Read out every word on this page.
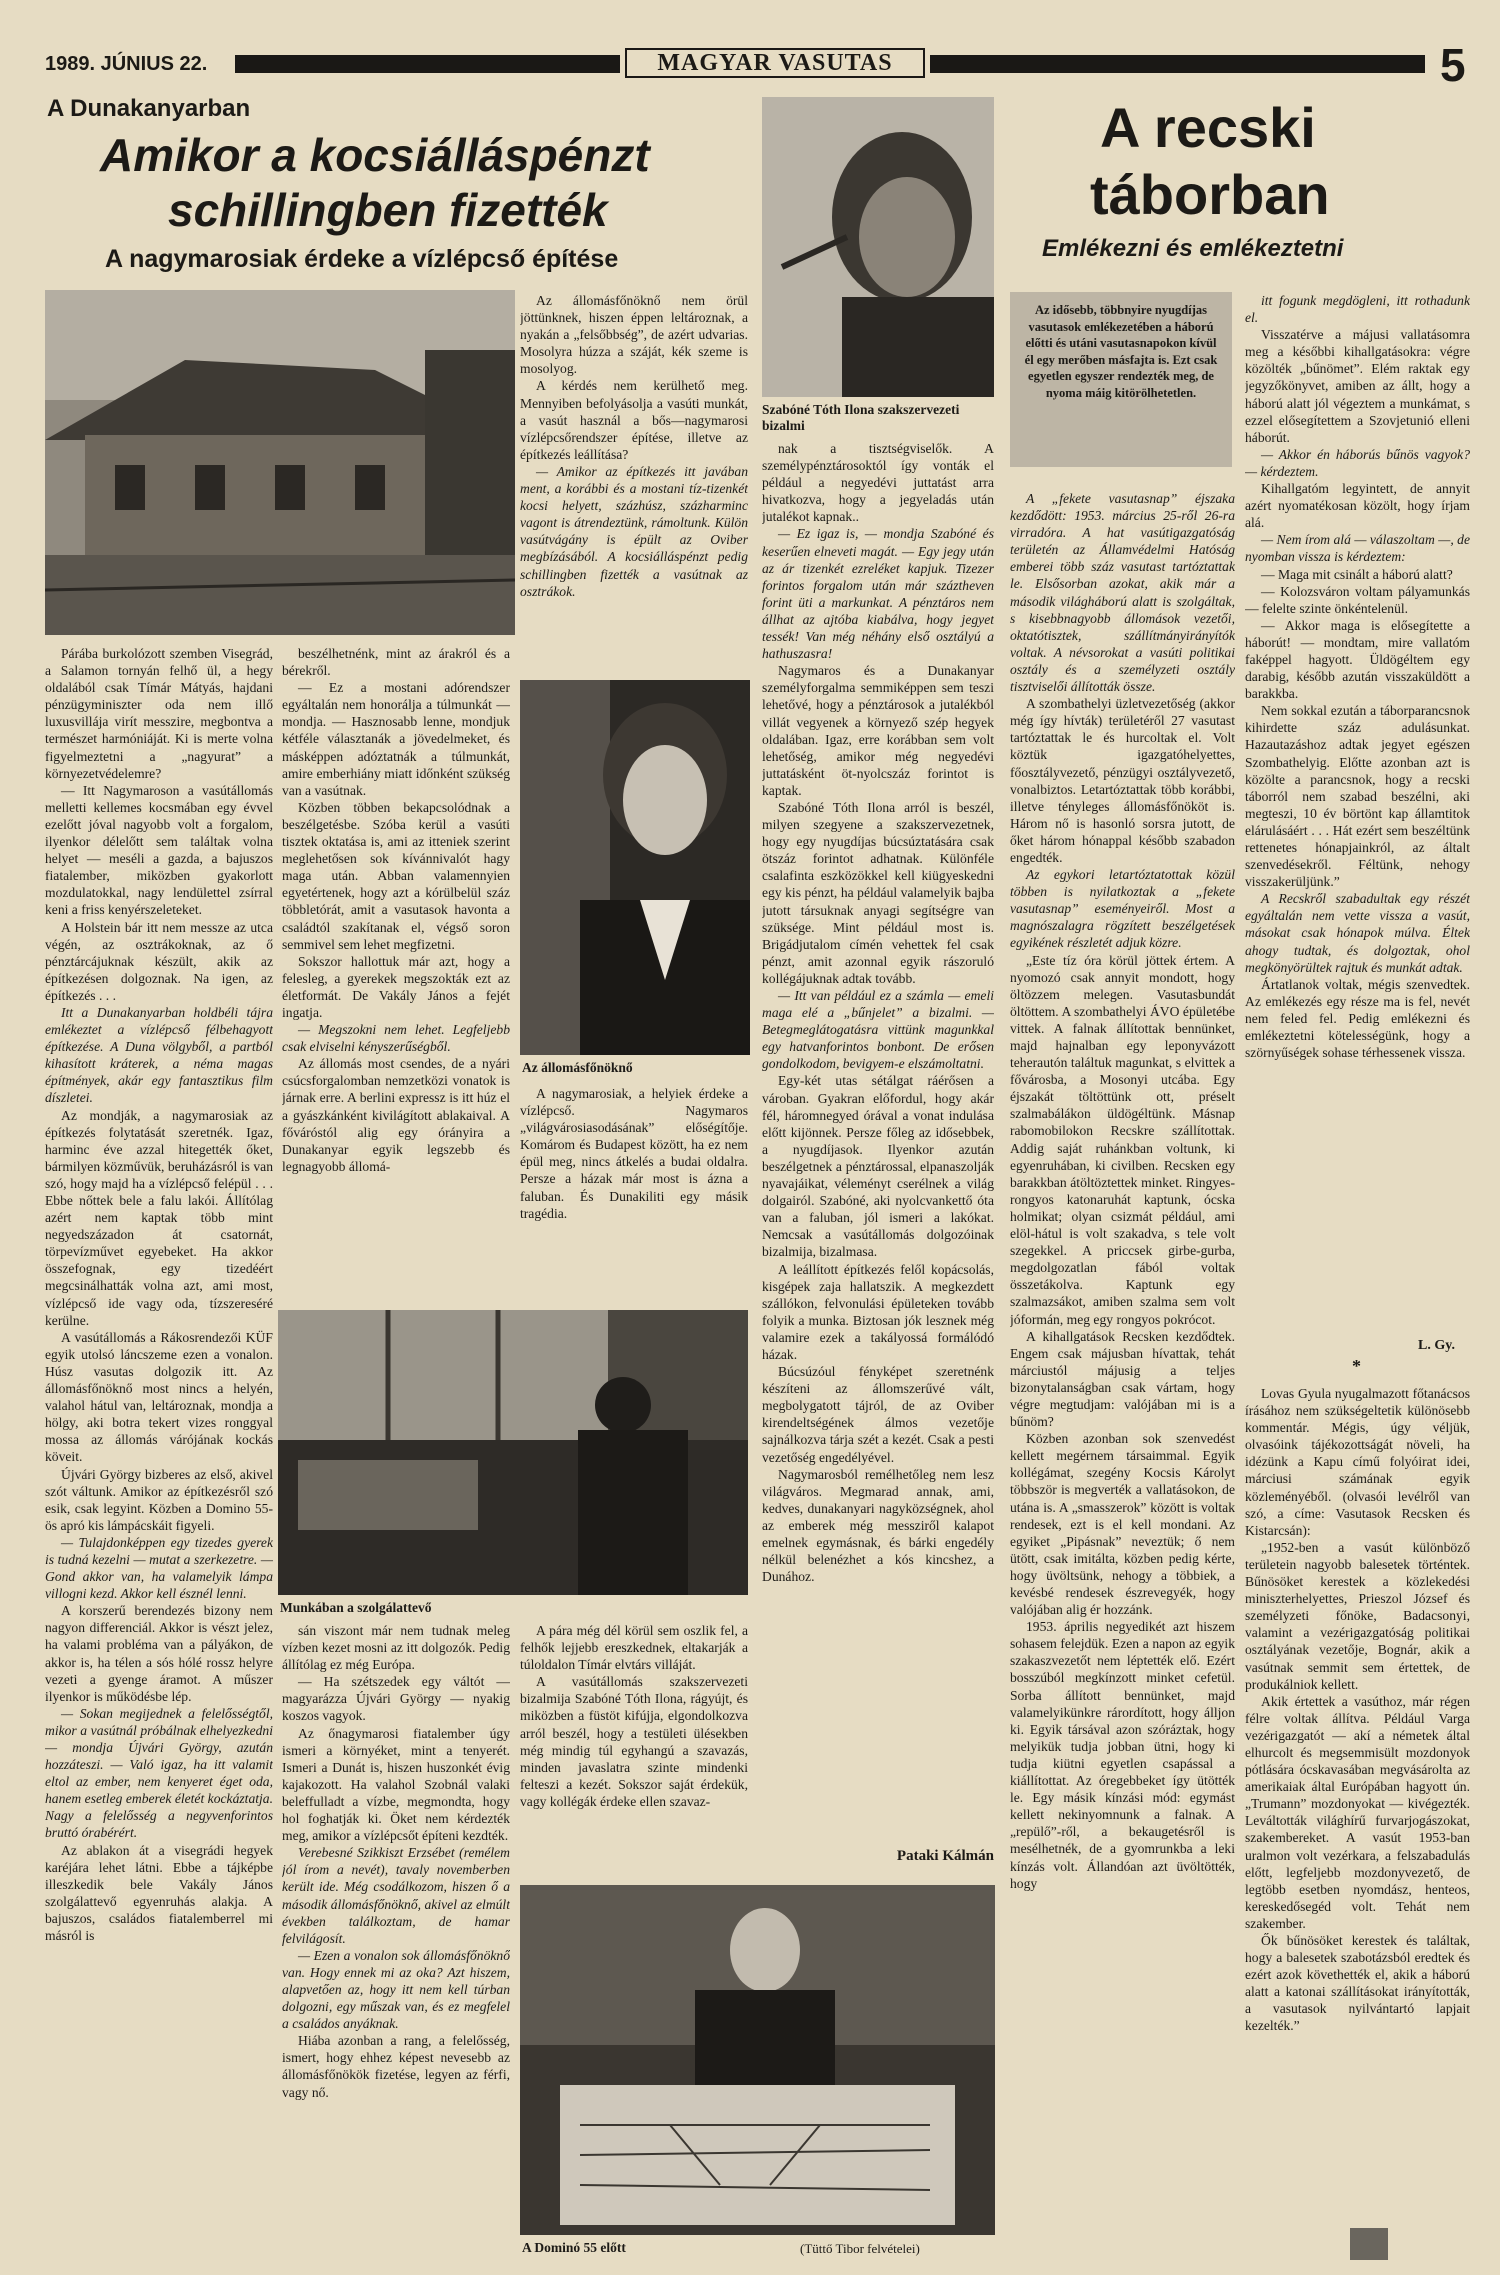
1989. JÚNIUS 22.	MAGYAR VASUTAS	5
A Dunakanyarban
Amikor a kocsiálláspénzt
schillingben fizették
A nagymarosiak érdeke a vízlépcső építése

Párába burkolózott szemben Visegrád, a Salamon tornyán felhő ül, a hegy oldalából csak Tímár Mátyás, hajdani pénzügyminiszter oda nem illő luxusvillája virít messzire, megbontva a természet harmóniáját. Ki is merte volna figyelmeztetni a „nagyurat” a környezetvédelemre?

— Itt Nagymaroson a vasútállomás melletti kellemes kocsmában egy évvel ezelőtt jóval nagyobb volt a forgalom, ilyenkor délelőtt sem találtak volna helyet — meséli a gazda, a bajuszos fiatalember, miközben gyakorlott mozdulatokkal, nagy lendülettel zsírral keni a friss kenyérszeleteket.

A Holstein bár itt nem messze az utca végén, az osztrákoknak, az ő pénztárcájuknak készült, akik az építkezésen dolgoznak. Na igen, az építkezés . . .

Itt a Dunakanyarban holdbéli tájra emlékeztet a vízlépcső félbehagyott építkezése. A Duna völgyből, a partból kihasított kráterek, a néma magas építmények, akár egy fantasztikus film díszletei.

Az mondják, a nagymarosiak az építkezés folytatását szeretnék. Igaz, harminc éve azzal hitegették őket, bármilyen közművük, beruházásról is van szó, hogy majd ha a vízlépcső felépül . . . Ebbe nőttek bele a falu lakói. Állítólag azért nem kaptak több mint negyedszázadon át csatornát, törpevízművet egyebeket. Ha akkor összefognak, egy tizedéért megcsinálhatták volna azt, ami most, vízlépcső ide vagy oda, tízszereséré kerülne.

A vasútállomás a Rákosrendezői KÜF egyik utolsó láncszeme ezen a vonalon. Húsz vasutas dolgozik itt. Az állomásfőnöknő most nincs a helyén, valahol hátul van, leltároznak, mondja a hölgy, aki botra tekert vizes ronggyal mossa az állomás várójának kockás köveit.

Újvári György bizberes az első, akivel szót váltunk. Amikor az építkezésről szó esik, csak legyint. Közben a Domino 55-ös apró kis lámpácskáit figyeli.

— Tulajdonképpen egy tizedes gyerek is tudná kezelni — mutat a szerkezetre. — Gond akkor van, ha valamelyik lámpa villogni kezd. Akkor kell észnél lenni.

A korszerű berendezés bizony nem nagyon differenciál. Akkor is vészt jelez, ha valami probléma van a pályákon, de akkor is, ha télen a sós hólé rossz helyre vezeti a gyenge áramot. A műszer ilyenkor is működésbe lép.

— Sokan megijednek a felelősségtől, mikor a vasútnál próbálnak elhelyezkedni — mondja Újvári György, azután hozzáteszi. — Való igaz, ha itt valamit eltol az ember, nem kenyeret éget oda, hanem esetleg emberek életét kockáztatja. Nagy a felelősség a negyvenforintos bruttó órabérért.

Az ablakon át a visegrádi hegyek karéjára lehet látni. Ebbe a tájképbe illeszkedik bele Vakály János szolgálattevő egyenruhás alakja. A bajuszos, családos fiatalemberrel mi másról is

beszélhetnénk, mint az árakról és a bérekről.

— Ez a mostani adórendszer egyáltalán nem honorálja a túlmunkát — mondja. — Hasznosabb lenne, mondjuk kétféle választanák a jövedelmeket, és másképpen adóztatnák a túlmunkát, amire emberhiány miatt időnként szükség van a vasútnak.

Közben többen bekapcsolódnak a beszélgetésbe. Szóba kerül a vasúti tisztek oktatása is, ami az itteniek szerint meglehetősen sok kívánnivalót hagy maga után. Abban valamennyien egyetértenek, hogy azt a kórülbelül száz többletórát, amit a vasutasok havonta a családtól szakítanak el, végső soron semmivel sem lehet megfizetni.

Sokszor hallottuk már azt, hogy a felesleg, a gyerekek megszokták ezt az életformát. De Vakály János a fejét ingatja.

— Megszokni nem lehet. Legfeljebb csak elviselni kényszerűségből.

Az állomás most csendes, de a nyári csúcsforgalomban nemzetközi vonatok is járnak erre. A berlini expressz is itt húz el a gyászkánként kivilágított ablakaival. A főváróstól alig egy órányira a Dunakanyar egyik legszebb és legnagyobb állomá-

Munkában a szolgálattevő

sán viszont már nem tudnak meleg vízben kezet mosni az itt dolgozók. Pedig állítólag ez még Európa.

— Ha szétszedek egy váltót — magyarázza Újvári György — nyakig koszos vagyok.

Az őnagymarosi fiatalember úgy ismeri a környéket, mint a tenyerét. Ismeri a Dunát is, hiszen huszonkét évig kajakozott. Ha valahol Szobnál valaki beleffulladt a vízbe, megmondta, hogy hol foghatják ki. Öket nem kérdezték meg, amikor a vízlépcsőt építeni kezdték.

Verebesné Szikkiszt Erzsébet (remélem jól írom a nevét), tavaly novemberben került ide. Még csodálkozom, hiszen ő a második állomásfőnöknő, akivel az elmúlt években találkoztam, de hamar felvilágosít.

— Ezen a vonalon sok állomásfőnöknő van. Hogy ennek mi az oka? Azt hiszem, alapvetően az, hogy itt nem kell túrban dolgozni, egy műszak van, és ez megfelel a családos anyáknak.

Hiába azonban a rang, a felelősség, ismert, hogy ehhez képest nevesebb az állomásfőnökök fizetése, legyen az férfi, vagy nő.

Az állomásfőnöknő nem örül jöttünknek, hiszen éppen leltároznak, a nyakán a „felsőbbség”, de azért udvarias. Mosolyra húzza a száját, kék szeme is mosolyog.

A kérdés nem kerülhető meg. Mennyiben befolyásolja a vasúti munkát, a vasút használ a bős—nagymarosi vízlépcsőrendszer építése, illetve az építkezés leállítása?

— Amikor az építkezés itt javában ment, a korábbi és a mostani tíz-tizenkét kocsi helyett, százhúsz, százharminc vagont is átrendeztünk, rámoltunk. Külön vasútvágány is épült az Oviber megbízásából. A kocsiálláspénzt pedig schillingben fizették a vasútnak az osztrákok.

Szabóné Tóth Ilona szakszervezeti bizalmi
Az állomásfőnöknő

A nagymarosiak, a helyiek érdeke a vízlépcső. Nagymaros „világvárosiasodásának” előségítője. Komárom és Budapest között, ha ez nem épül meg, nincs átkelés a budai oldalra. Persze a házak már most is ázna a faluban. És Dunakiliti egy másik tragédia.

A pára még dél körül sem oszlik fel, a felhők lejjebb ereszkednek, eltakarják a túloldalon Tímár elvtárs villáját.

A vasútállomás szakszervezeti bizalmija Szabóné Tóth Ilona, rágyújt, és miközben a füstöt kifújja, elgondolkozva arról beszél, hogy a testületi ülésekben még mindig túl egyhangú a szavazás, minden javaslatra szinte mindenki felteszi a kezét. Sokszor saját érdekük, vagy kollégák érdeke ellen szavaz-

nak a tisztségviselők. A személypénztárosoktól így vonták el például a negyedévi juttatást arra hivatkozva, hogy a jegyeladás után jutalékot kapnak..

— Ez igaz is, — mondja Szabóné és keserűen elneveti magát. — Egy jegy után az ár tizenkét ezreléket kapjuk. Tizezer forintos forgalom után már száztheven forint üti a markunkat. A pénztáros nem állhat az ajtóba kiabálva, hogy jegyet tessék! Van még néhány első osztályú a hathuszasra!

Nagymaros és a Dunakanyar személyforgalma semmiképpen sem teszi lehetővé, hogy a pénztárosok a jutalékból villát vegyenek a környező szép hegyek oldalában. Igaz, erre korábban sem volt lehetőség, amikor még negyedévi juttatásként öt-nyolcszáz forintot is kaptak.

Szabóné Tóth Ilona arról is beszél, milyen szegyene a szakszervezetnek, hogy egy nyugdíjas búcsúztatására csak ötszáz forintot adhatnak. Különféle csalafinta eszközökkel kell kiügyeskedni egy kis pénzt, ha például valamelyik bajba jutott társuknak anyagi segítségre van szüksége. Mint például most is. Brigádjutalom címén vehettek fel csak pénzt, amit azonnal egyik rászoruló kollégájuknak adtak tovább.

— Itt van például ez a számla — emeli maga elé a „bűnjelet” a bizalmi. — Betegmeglátogatásra vittünk magunkkal egy hatvanforintos bonbont. De erősen gondolkodom, bevigyem-e elszámoltatni.

Egy-két utas sétálgat ráérősen a vároban. Gyakran előfordul, hogy akár fél, háromnegyed órával a vonat indulása előtt kijönnek. Persze főleg az idősebbek, a nyugdíjasok. Ilyenkor azután beszélgetnek a pénztárossal, elpanaszolják nyavajáikat, véleményt cserélnek a világ dolgairól. Szabóné, aki nyolcvankettő óta van a faluban, jól ismeri a lakókat. Nemcsak a vasútállomás dolgozóinak bizalmija, bizalmasa.

A leállított építkezés felől kopácsolás, kisgépek zaja hallatszik. A megkezdett szállókon, felvonulási épületeken tovább folyik a munka. Biztosan jók lesznek még valamire ezek a takályossá formálódó házak.

Búcsúzóul fényképet szeretnénk készíteni az állomszerűvé vált, megbolygatott tájról, de az Oviber kirendeltségének álmos vezetője sajnálkozva tárja szét a kezét. Csak a pesti vezetőség engedélyével.

Nagymarosból remélhetőleg nem lesz világváros. Megmarad annak, ami, kedves, dunakanyari nagyközségnek, ahol az emberek még messziről kalapot emelnek egymásnak, és bárki engedély nélkül belenézhet a kós kincshez, a Dunához.

Pataki Kálmán
A Dominó 55 előtt	(Tüttő Tibor felvételei)
A recski
táborban
Emlékezni és emlékeztetni
Az idősebb, többnyire nyugdíjas vasutasok emlékezetében a háború előtti és utáni vasutasnapokon kívül él egy merőben másfajta is. Ezt csak egyetlen egyszer rendezték meg, de nyoma máig kitörölhetetlen.

A „fekete vasutasnap” éjszaka kezdődött: 1953. március 25-ről 26-ra virradóra. A hat vasútigazgatóság területén az Államvédelmi Hatóság emberei több száz vasutast tartóztattak le. Elsősorban azokat, akik már a második világháború alatt is szolgáltak, s kisebbnagyobb állomások vezetői, oktatótisztek, szállítmányirányítók voltak. A névsorokat a vasúti politikai osztály és a személyzeti osztály tisztviselői állították össze.

A szombathelyi üzletvezetőség (akkor még így hívták) területéről 27 vasutast tartóztattak le és hurcoltak el. Volt köztük igazgatóhelyettes, főosztályvezető, pénzügyi osztályvezető, vonalbiztos. Letartóztattak több korábbi, illetve tényleges állomásfőnököt is. Három nő is hasonló sorsra jutott, de őket három hónappal később szabadon engedték.

Az egykori letartóztatottak közül többen is nyilatkoztak a „fekete vasutasnap” eseményeiről. Most a magnószalagra rögzített beszélgetések egyikének részletét adjuk közre.

„Este tíz óra körül jöttek értem. A nyomozó csak annyit mondott, hogy öltözzem melegen. Vasutasbundát öltöttem. A szombathelyi ÁVO épületébe vittek. A falnak állítottak bennünket, majd hajnalban egy leponyvázott teherautón találtuk magunkat, s elvittek a fővárosba, a Mosonyi utcába. Egy éjszakát töltöttünk ott, préselt szalmabálákon üldögéltünk. Másnap rabomobilokon Recskre szállítottak. Addig saját ruhánkban voltunk, ki egyenruhában, ki civilben. Recsken egy barakkban átöltöztettek minket. Ringyes-rongyos katonaruhát kaptunk, ócska holmikat; olyan csizmát például, ami elöl-hátul is volt szakadva, s tele volt szegekkel. A priccsek girbe-gurba, megdolgozatlan fából voltak összetákolva. Kaptunk egy szalmazsákot, amiben szalma sem volt jóformán, meg egy rongyos pokrócot.

A kihallgatások Recsken kezdődtek. Engem csak májusban hívattak, tehát márciustól májusig a teljes bizonytalanságban csak vártam, hogy végre megtudjam: valójában mi is a bűnöm?

Közben azonban sok szenvedést kellett megérnem társaimmal. Egyik kollégámat, szegény Kocsis Károlyt többször is megverték a vallatásokon, de utána is. A „smasszerok” között is voltak rendesek, ezt is el kell mondani. Az egyiket „Pipásnak” neveztük; ő nem ütött, csak imitálta, közben pedig kérte, hogy üvöltsünk, nehogy a többiek, a kevésbé rendesek észrevegyék, hogy valójában alig ér hozzánk.

1953. április negyedikét azt hiszem sohasem felejdük. Ezen a napon az egyik szakaszvezetőt nem léptették elő. Ezért bosszúból megkínzott minket cefetül. Sorba állított bennünket, majd valamelyikünkre rárordított, hogy álljon ki. Egyik társával azon szóráztak, hogy melyikük tudja jobban ütni, hogy ki tudja kiütni egyetlen csapással a kiállítottat. Az óregebbeket így ütötték le. Egy másik kínzási mód: egymást kellett nekinyomnunk a falnak. A „repülő”-ről, a bekaugetésről is mesélhetnék, de a gyomrunkba a leki kínzás volt. Állandóan azt üvöltötték, hogy

itt fogunk megdögleni, itt rothadunk el.

Visszatérve a májusi vallatásomra meg a későbbi kihallgatásokra: végre közölték „bűnömet”. Elém raktak egy jegyzőkönyvet, amiben az állt, hogy a háború alatt jól végeztem a munkámat, s ezzel elősegítettem a Szovjetunió elleni háborút.

— Akkor én háborús bűnös vagyok? — kérdeztem.

Kihallgatóm legyintett, de annyit azért nyomatékosan közölt, hogy írjam alá.

— Nem írom alá — válaszoltam —, de nyomban vissza is kérdeztem:

— Maga mit csinált a háború alatt?

— Kolozsváron voltam pályamunkás — felelte szinte önkéntelenül.

— Akkor maga is elősegítette a háborút! — mondtam, mire vallatóm faképpel hagyott. Üldögéltem egy darabig, később azután visszaküldött a barakkba.

Nem sokkal ezután a táborparancsnok kihirdette száz adulásunkat. Hazautazáshoz adtak jegyet egészen Szombathelyig. Előtte azonban azt is közölte a parancsnok, hogy a recski táborról nem szabad beszélni, aki megteszi, 10 év börtönt kap államtitok elárulásáért . . . Hát ezért sem beszéltünk rettenetes hónapjainkról, az általt szenvedésekről. Féltünk, nehogy visszakerüljünk.”

A Recskről szabadultak egy részét egyáltalán nem vette vissza a vasút, másokat csak hónapok múlva. Éltek ahogy tudtak, és dolgoztak, ohol megkönyörültek rajtuk és munkát adtak.

Ártatlanok voltak, mégis szenvedtek. Az emlékezés egy része ma is fel, nevét nem feled fel. Pedig emlékezni és emlékeztetni kötelességünk, hogy a szörnyűségek sohase térhessenek vissza.

L. Gy.
*

Lovas Gyula nyugalmazott főtanácsos írásához nem szükségeltetik különösebb kommentár. Mégis, úgy véljük, olvasóink tájékozottságát növeli, ha idézünk a Kapu című folyóirat idei, márciusi számának egyik közleményéből. (olvasói levélről van szó, a címe: Vasutasok Recsken és Kistarcsán):

„1952-ben a vasút különböző területein nagyobb balesetek történtek. Bűnösöket kerestek a közlekedési miniszterhelyettes, Prieszol József és személyzeti főnöke, Badacsonyi, valamint a vezérigazgatóság politikai osztályának vezetője, Bognár, akik a vasútnak semmit sem értettek, de produkálniok kellett.

Akik értettek a vasúthoz, már régen félre voltak állítva. Például Varga vezérigazgatót — akí a németek által elhurcolt és megsemmisült mozdonyok pótlására ócskavasában megvásárolta az amerikaiak által Európában hagyott ún. „Trumann” mozdonyokat — kivégezték. Leváltották világhírű furvarjogászokat, szakembereket. A vasút 1953-ban uralmon volt vezérkara, a felszabadulás előtt, legfeljebb mozdonyvezető, de legtöbb esetben nyomdász, henteos, kereskedősegéd volt. Tehát nem szakember.

Ők bűnösöket kerestek és találtak, hogy a balesetek szabotázsból eredtek és ezért azok követhették el, akik a háború alatt a katonai szállításokat irányították, a vasutasok nyilvántartó lapjait kezelték.”
